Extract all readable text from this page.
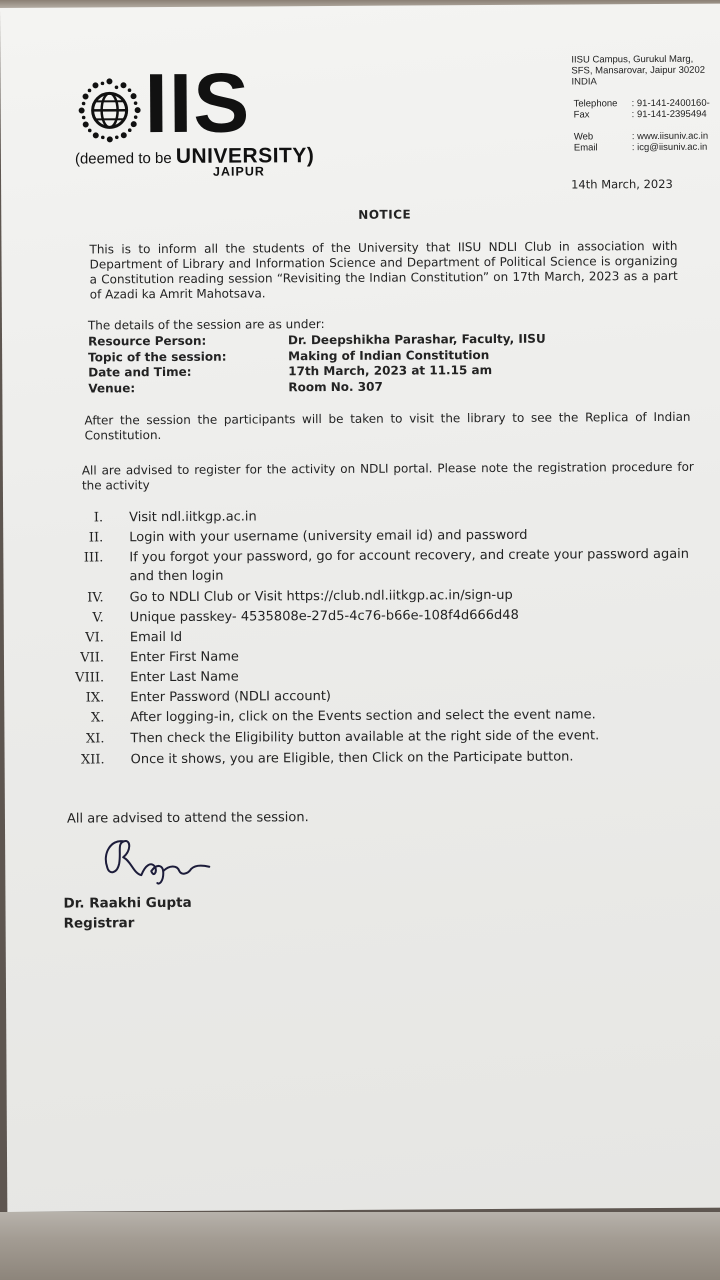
IIS
(deemed to be UNIVERSITY)
JAIPUR
IISU Campus, Gurukul Marg,
SFS, Mansarovar, Jaipur 30202
INDIA
Telephone : 91-141-2400160-
Fax	: 91-141-2395494
Web	: www.iisuniv.ac.in
Email	: icg@iisuniv.ac.in
14th March, 2023
NOTICE

This is to inform all the students of the University that IISU NDLI Club in association with Department of Library and Information Science and Department of Political Science is organizing a Constitution reading session “Revisiting the Indian Constitution” on 17th March, 2023 as a part of Azadi ka Amrit Mahotsava.

The details of the session are as under:
Resource Person:	Dr. Deepshikha Parashar, Faculty, IISU
Topic of the session:	Making of Indian Constitution
Date and Time:	17th March, 2023 at 11.15 am
Venue:	Room No. 307

After the session the participants will be taken to visit the library to see the Replica of Indian Constitution.

All are advised to register for the activity on NDLI portal. Please note the registration procedure for the activity

I. Visit ndl.iitkgp.ac.in
II. Login with your username (university email id) and password
III. If you forgot your password, go for account recovery, and create your password again
and then login
IV. Go to NDLI Club or Visit https://club.ndl.iitkgp.ac.in/sign-up
V. Unique passkey- 4535808e-27d5-4c76-b66e-108f4d666d48
VI. Email Id
VII. Enter First Name
VIII. Enter Last Name
IX. Enter Password (NDLI account)
X. After logging-in, click on the Events section and select the event name.
XI. Then check the Eligibility button available at the right side of the event.
XII. Once it shows, you are Eligible, then Click on the Participate button.
All are advised to attend the session.
Dr. Raakhi Gupta
Registrar
